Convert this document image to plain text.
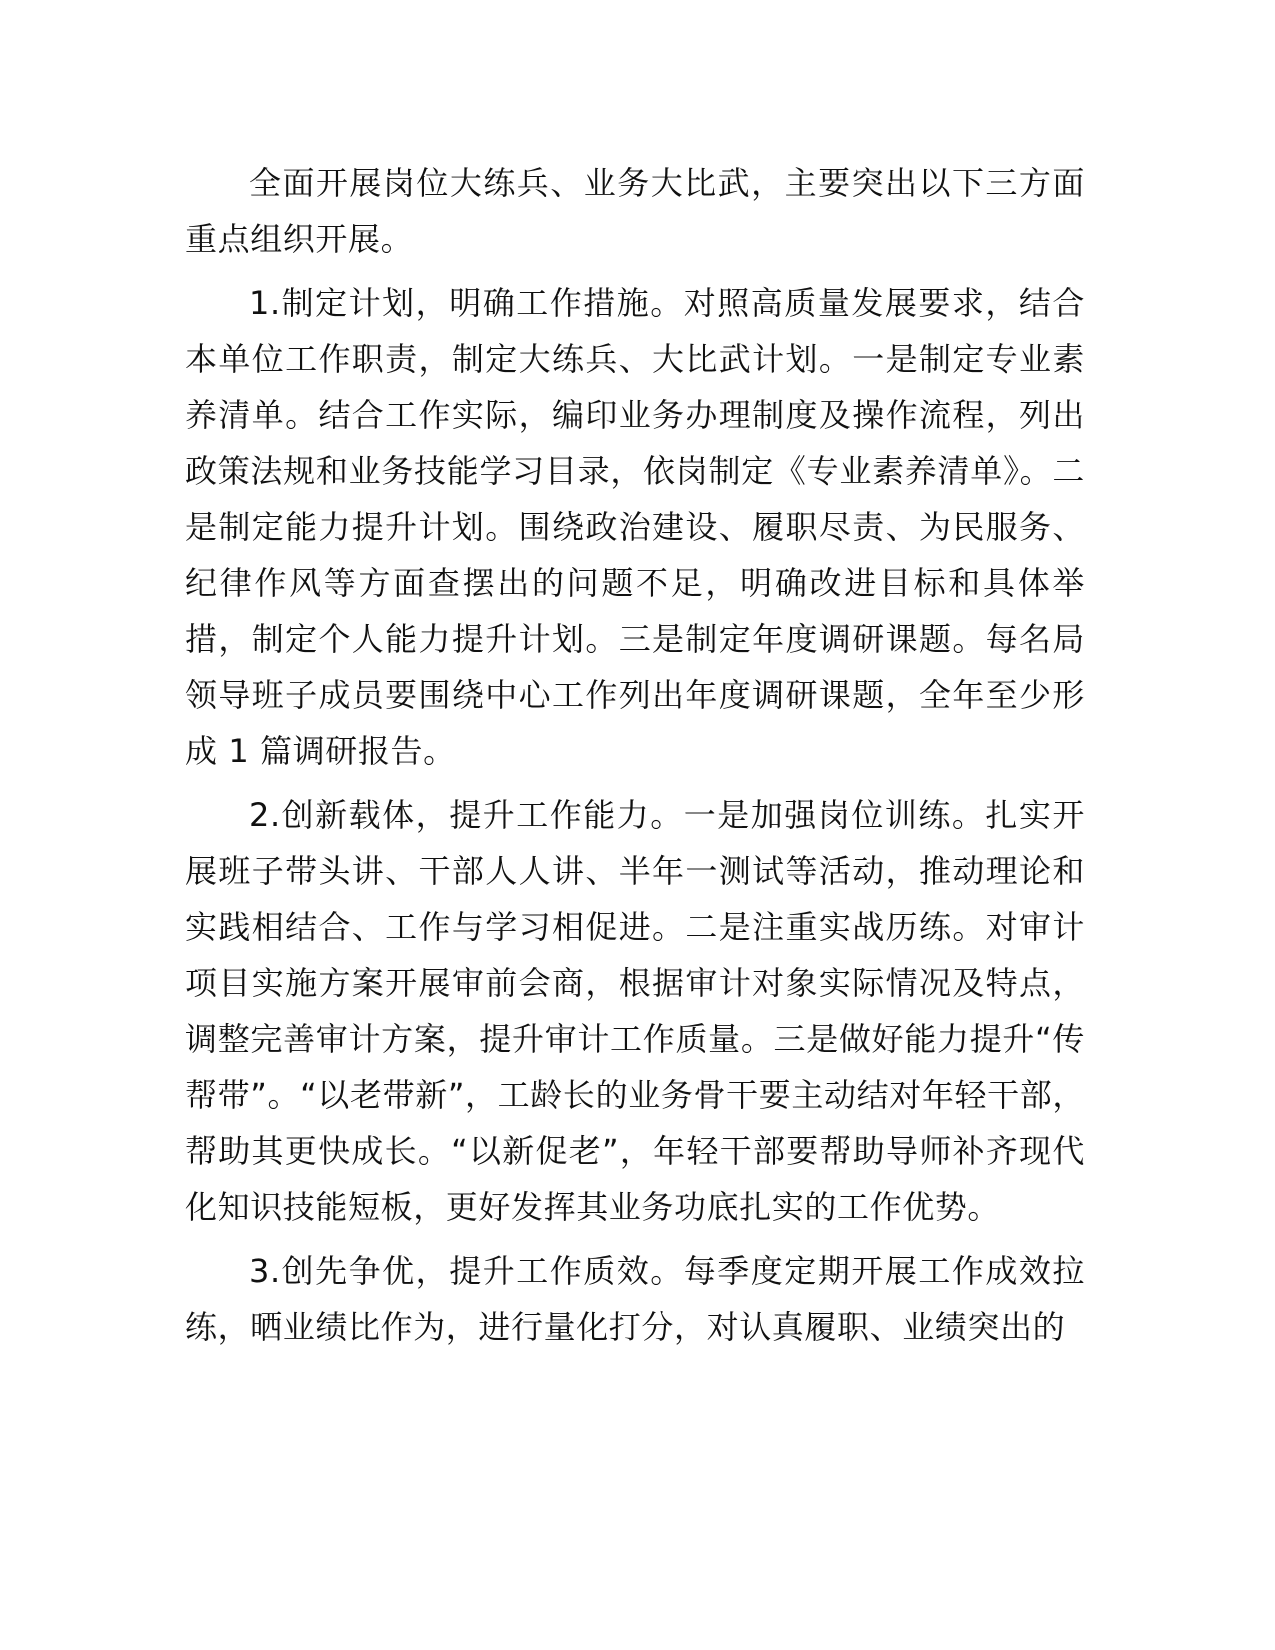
全面开展岗位大练兵、业务大比武，主要突出以下三方面重点组织开展。

1.制定计划，明确工作措施。对照高质量发展要求，结合本单位工作职责，制定大练兵、大比武计划。一是制定专业素养清单。结合工作实际，编印业务办理制度及操作流程，列出政策法规和业务技能学习目录，依岗制定《专业素养清单》。二是制定能力提升计划。围绕政治建设、履职尽责、为民服务、纪律作风等方面查摆出的问题不足，明确改进目标和具体举措，制定个人能力提升计划。三是制定年度调研课题。每名局领导班子成员要围绕中心工作列出年度调研课题，全年至少形成 1 篇调研报告。

2.创新载体，提升工作能力。一是加强岗位训练。扎实开展班子带头讲、干部人人讲、半年一测试等活动，推动理论和实践相结合、工作与学习相促进。二是注重实战历练。对审计项目实施方案开展审前会商，根据审计对象实际情况及特点，调整完善审计方案，提升审计工作质量。三是做好能力提升“传帮带”。“以老带新”，工龄长的业务骨干要主动结对年轻干部，帮助其更快成长。“以新促老”，年轻干部要帮助导师补齐现代化知识技能短板，更好发挥其业务功底扎实的工作优势。

3.创先争优，提升工作质效。每季度定期开展工作成效拉练，晒业绩比作为，进行量化打分，对认真履职、业绩突出的
